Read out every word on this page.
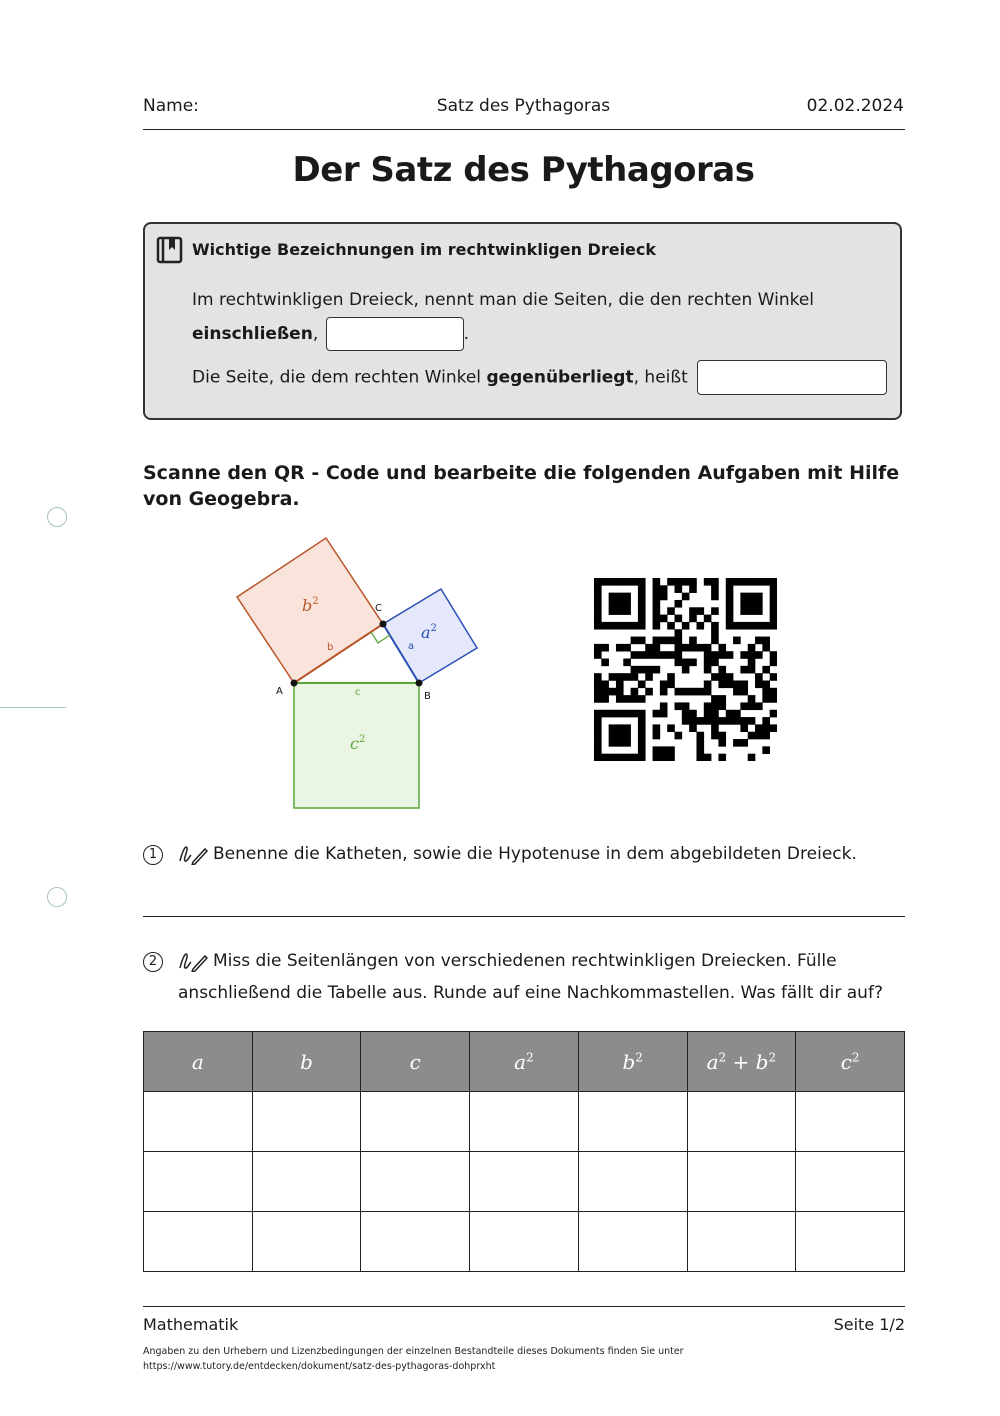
Name:	Satz des Pythagoras	02.02.2024
Der Satz des Pythagoras
Wichtige Bezeichnungen im rechtwinkligen Dreieck
Im rechtwinkligen Dreieck, nennt man die Seiten, die den rechten Winkel
einschließen,	.
Die Seite, die dem rechten Winkel gegenüberliegt, heißt
Scanne den QR - Code und bearbeite die folgenden Aufgaben mit Hilfe von Geogebra.
A	B
C
c
b	a
$b^2$
$a^2$
$c^2$
1	Benenne die Katheten, sowie die Hypotenuse in dem abgebildeten Dreieck.
2	Miss die Seitenlängen von verschiedenen rechtwinkligen Dreiecken. Fülle
anschließend die Tabelle aus. Runde auf eine Nachkommastellen. Was fällt dir auf?
a	b	c	$a^2$	$b^2$	$a^2 + b^2$	$c^2$

Mathematik	Seite 1/2
Angaben zu den Urhebern und Lizenzbedingungen der einzelnen Bestandteile dieses Dokuments finden Sie unter
https://www.tutory.de/entdecken/dokument/satz-des-pythagoras-dohprxht
